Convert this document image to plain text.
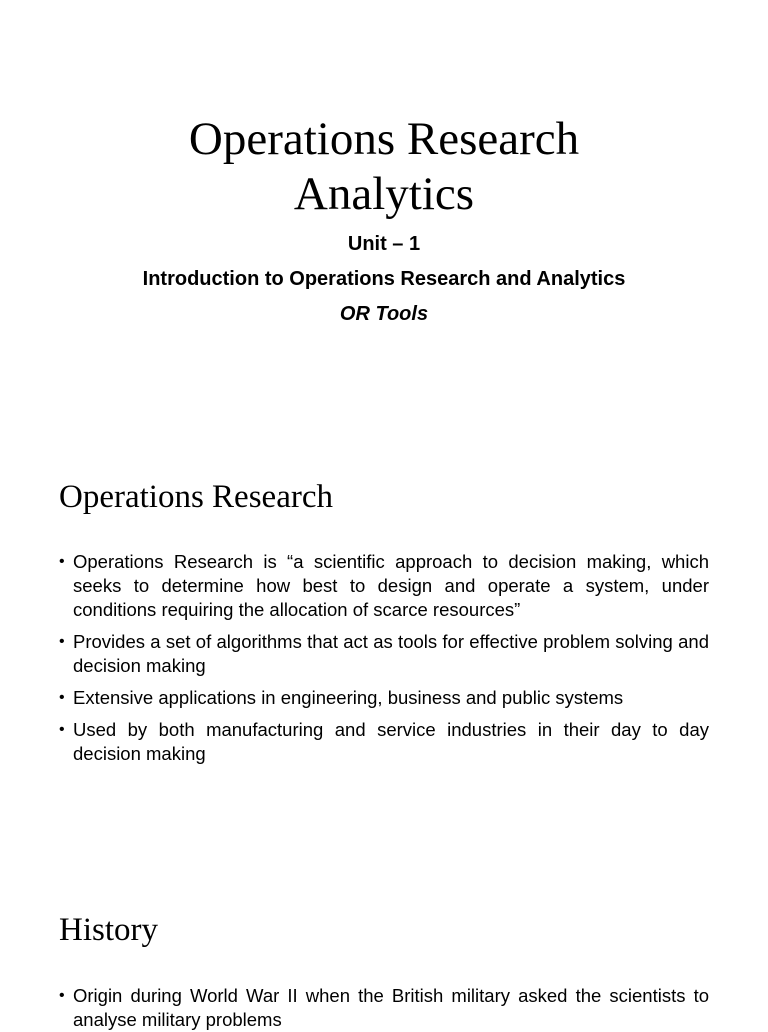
Operations Research
Analytics

Unit – 1

Introduction to Operations Research and Analytics

OR Tools

Operations Research
• Operations Research is “a scientific approach to decision making, which seeks to determine how best to design and operate a system, under conditions requiring the allocation of scarce resources”
• Provides a set of algorithms that act as tools for effective problem solving and decision making
• Extensive applications in engineering, business and public systems
• Used by both manufacturing and service industries in their day to day decision making
History
• Origin during World War II when the British military asked the scientists to analyse military problems
